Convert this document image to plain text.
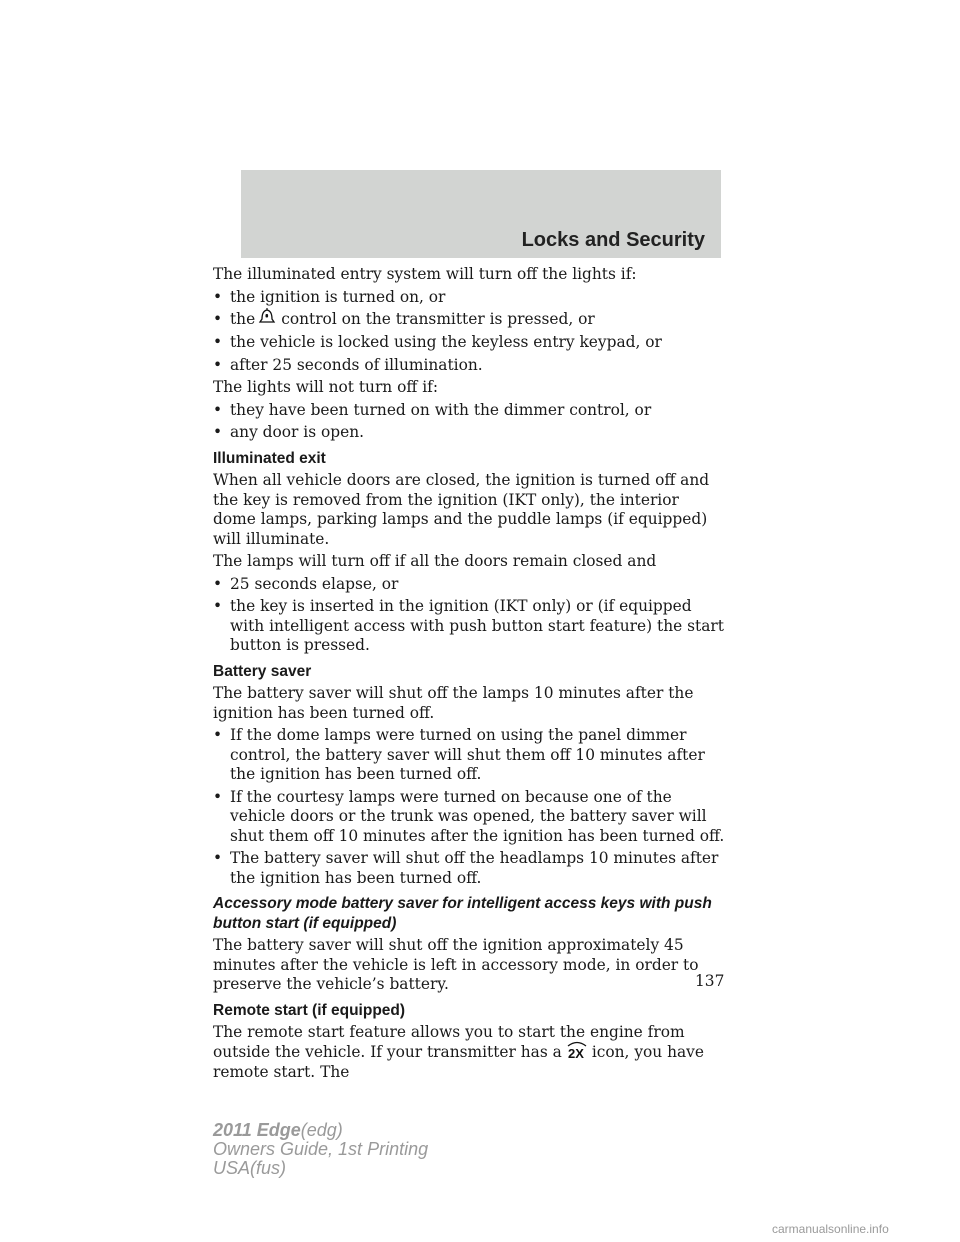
Locks and Security

The illuminated entry system will turn off the lights if:

• the ignition is turned on, or
• the control on the transmitter is pressed, or
• the vehicle is locked using the keyless entry keypad, or
• after 25 seconds of illumination.

The lights will not turn off if:

• they have been turned on with the dimmer control, or
• any door is open.
Illuminated exit

When all vehicle doors are closed, the ignition is turned off and the key is removed from the ignition (IKT only), the interior dome lamps, parking lamps and the puddle lamps (if equipped) will illuminate.

The lamps will turn off if all the doors remain closed and

• 25 seconds elapse, or
• the key is inserted in the ignition (IKT only) or (if equipped with intelligent access with push button start feature) the start button is pressed.
Battery saver

The battery saver will shut off the lamps 10 minutes after the ignition has been turned off.

• If the dome lamps were turned on using the panel dimmer control, the battery saver will shut them off 10 minutes after the ignition has been turned off.
• If the courtesy lamps were turned on because one of the vehicle doors or the trunk was opened, the battery saver will shut them off 10 minutes after the ignition has been turned off.
• The battery saver will shut off the headlamps 10 minutes after the ignition has been turned off.
Accessory mode battery saver for intelligent access keys with push button start (if equipped)

The battery saver will shut off the ignition approximately 45 minutes after the vehicle is left in accessory mode, in order to preserve the vehicle’s battery.

Remote start (if equipped)

The remote start feature allows you to start the engine from outside the vehicle. If your transmitter has a 2X icon, you have remote start. The

137
2011 Edge(edg)
Owners Guide, 1st Printing
USA(fus)
carmanualsonline.info
